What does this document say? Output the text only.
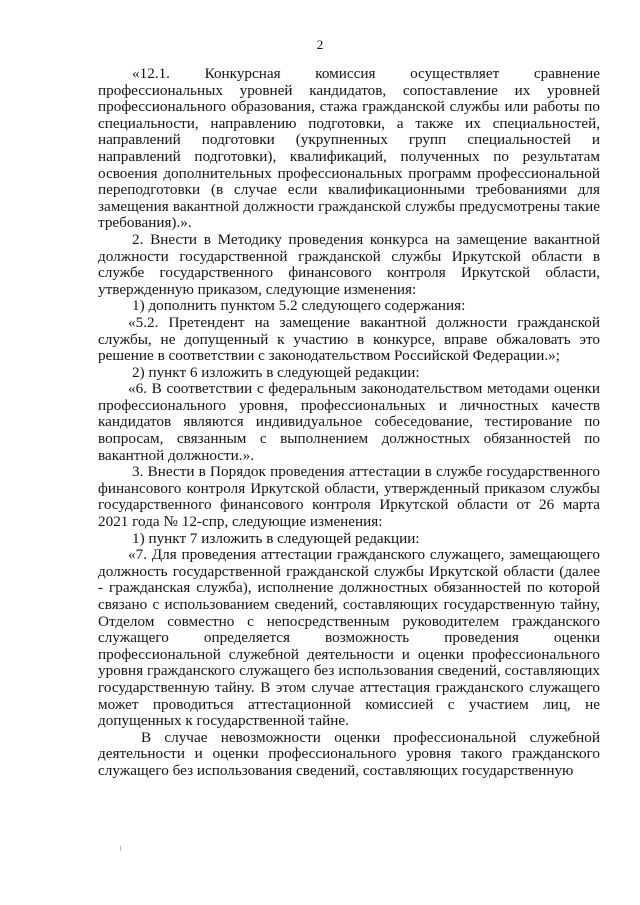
2

«12.1. Конкурсная комиссия осуществляет сравнение профессиональных уровней кандидатов, сопоставление их уровней профессионального образования, стажа гражданской службы или работы по специальности, направлению подготовки, а также их специальностей, направлений подготовки (укрупненных групп специальностей и направлений подготовки), квалификаций, полученных по результатам освоения дополнительных профессиональных программ профессиональной переподготовки (в случае если квалификационными требованиями для замещения вакантной должности гражданской службы предусмотрены такие требования).».

2. Внести в Методику проведения конкурса на замещение вакантной должности государственной гражданской службы Иркутской области в службе государственного финансового контроля Иркутской области, утвержденную приказом, следующие изменения:

1) дополнить пунктом 5.2 следующего содержания:

«5.2. Претендент на замещение вакантной должности гражданской службы, не допущенный к участию в конкурсе, вправе обжаловать это решение в соответствии с законодательством Российской Федерации.»;

2) пункт 6 изложить в следующей редакции:

«6. В соответствии с федеральным законодательством методами оценки профессионального уровня, профессиональных и личностных качеств кандидатов являются индивидуальное собеседование, тестирование по вопросам, связанным с выполнением должностных обязанностей по вакантной должности.».

3. Внести в Порядок проведения аттестации в службе государственного финансового контроля Иркутской области, утвержденный приказом службы государственного финансового контроля Иркутской области от 26 марта 2021 года № 12-спр, следующие изменения:

1) пункт 7 изложить в следующей редакции:

«7. Для проведения аттестации гражданского служащего, замещающего должность государственной гражданской службы Иркутской области (далее - гражданская служба), исполнение должностных обязанностей по которой связано с использованием сведений, составляющих государственную тайну, Отделом совместно с непосредственным руководителем гражданского служащего определяется возможность проведения оценки профессиональной служебной деятельности и оценки профессионального уровня гражданского служащего без использования сведений, составляющих государственную тайну. В этом случае аттестация гражданского служащего может проводиться аттестационной комиссией с участием лиц, не допущенных к государственной тайне.

В случае невозможности оценки профессиональной служебной деятельности и оценки профессионального уровня такого гражданского служащего без использования сведений, составляющих государственную
